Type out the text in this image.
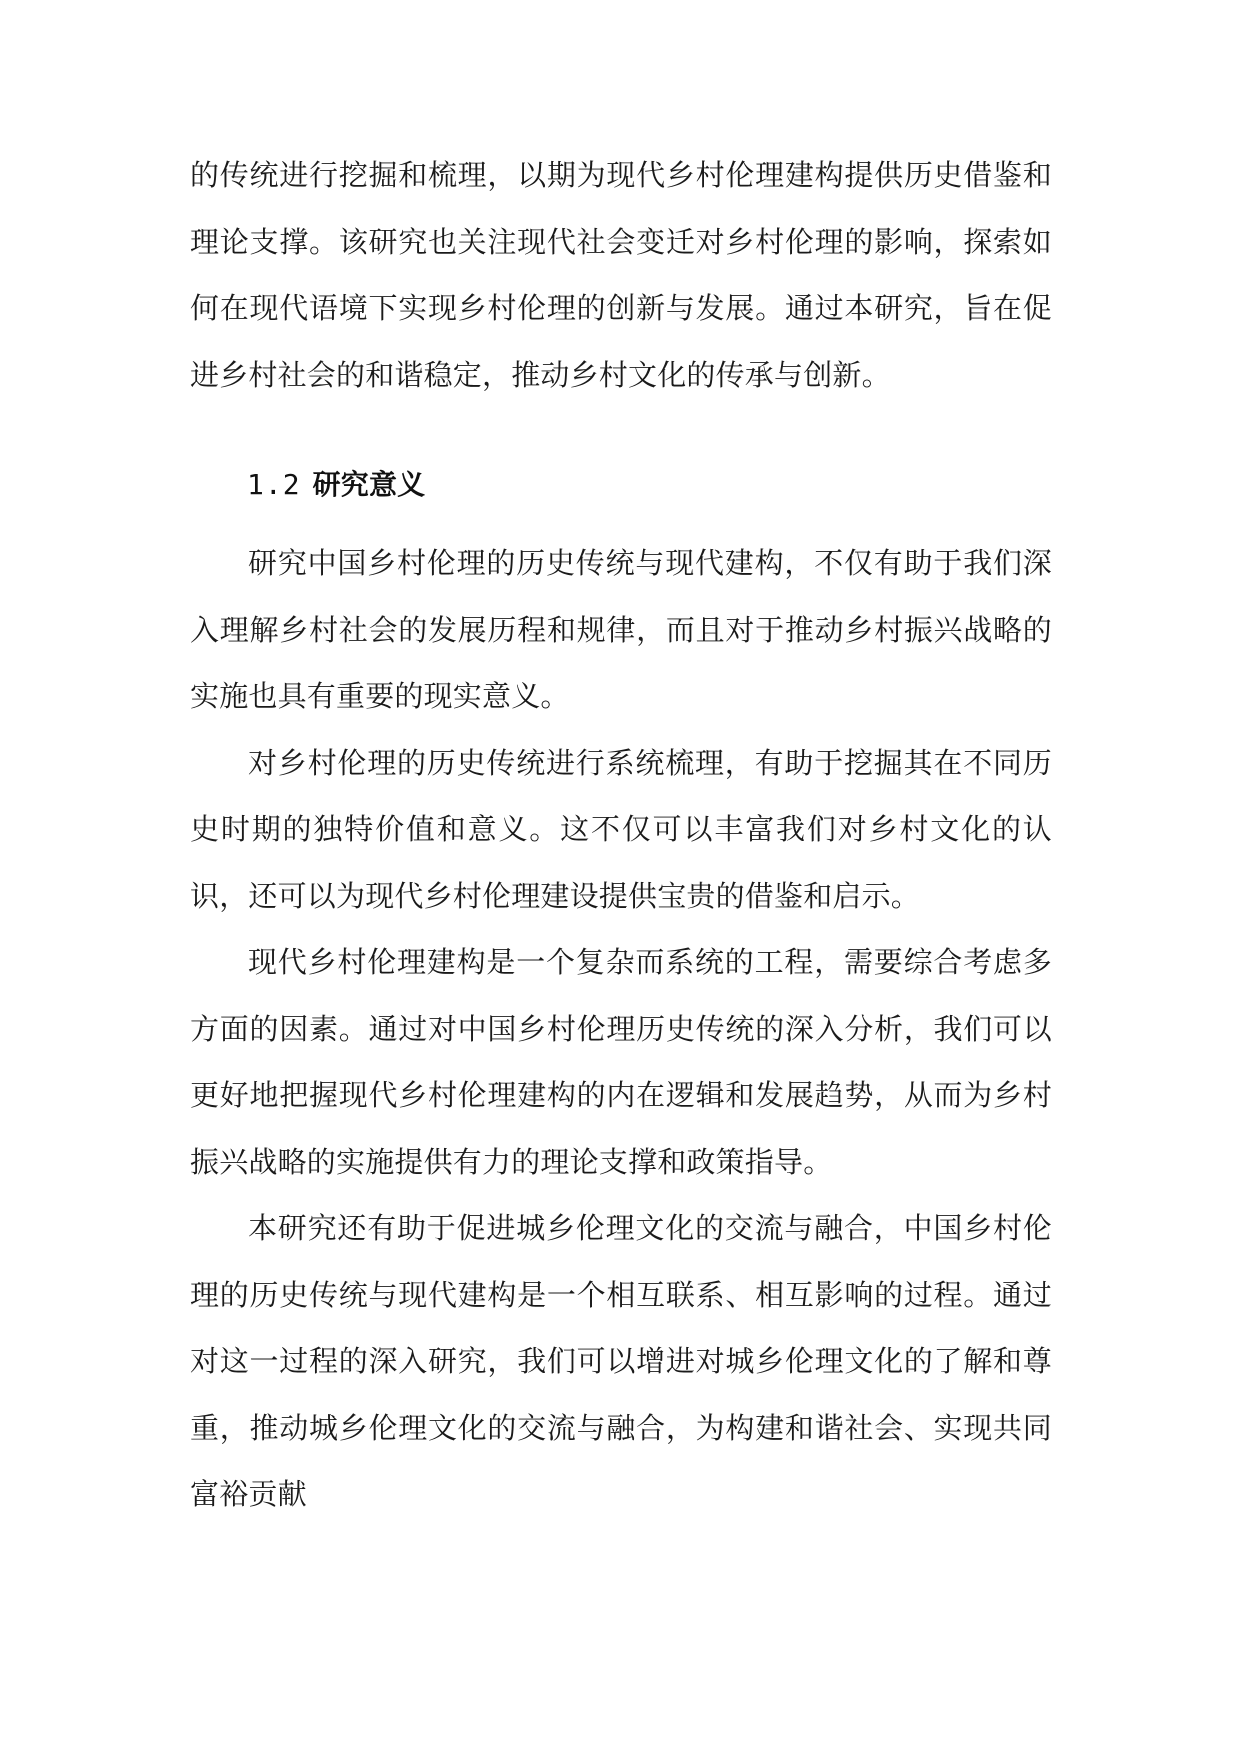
的传统进行挖掘和梳理，以期为现代乡村伦理建构提供历史借鉴和理论支撑。该研究也关注现代社会变迁对乡村伦理的影响，探索如何在现代语境下实现乡村伦理的创新与发展。通过本研究，旨在促进乡村社会的和谐稳定，推动乡村文化的传承与创新。

1.2 研究意义

研究中国乡村伦理的历史传统与现代建构，不仅有助于我们深入理解乡村社会的发展历程和规律，而且对于推动乡村振兴战略的实施也具有重要的现实意义。

对乡村伦理的历史传统进行系统梳理，有助于挖掘其在不同历史时期的独特价值和意义。这不仅可以丰富我们对乡村文化的认识，还可以为现代乡村伦理建设提供宝贵的借鉴和启示。

现代乡村伦理建构是一个复杂而系统的工程，需要综合考虑多方面的因素。通过对中国乡村伦理历史传统的深入分析，我们可以更好地把握现代乡村伦理建构的内在逻辑和发展趋势，从而为乡村振兴战略的实施提供有力的理论支撑和政策指导。

本研究还有助于促进城乡伦理文化的交流与融合，中国乡村伦理的历史传统与现代建构是一个相互联系、相互影响的过程。通过对这一过程的深入研究，我们可以增进对城乡伦理文化的了解和尊重，推动城乡伦理文化的交流与融合，为构建和谐社会、实现共同富裕贡献
